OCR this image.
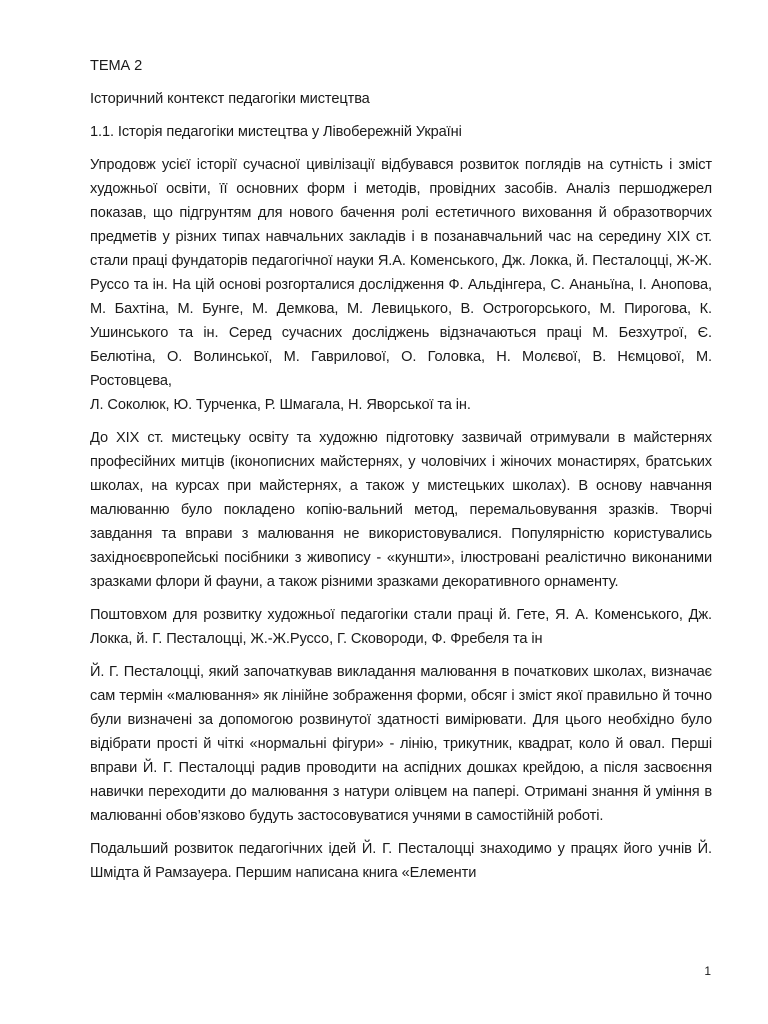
ТЕМА 2
Історичний контекст педагогіки мистецтва
1.1. Історія педагогіки мистецтва у Лівобережній Україні
Упродовж усієї історії сучасної цивілізації відбувався розвиток поглядів на сутність і зміст художньої освіти, її основних форм і методів, провідних засобів. Аналіз першоджерел показав, що підгрунтям для нового бачення ролі естетичного виховання й образотворчих предметів у різних типах навчальних закладів і в позанавчальний час на середину XIX ст. стали праці фундаторів педагогічної науки Я.А. Коменського, Дж. Локка, й. Песталоцці, Ж-Ж. Руссо та ін. На цій основі розгорталися дослідження Ф. Альдінгера, С. Ананьїна, І. Анопова, М. Бахтіна, М. Бунге, М. Демкова, М. Левицького, В. Острогорського, М. Пирогова, К. Ушинського та ін. Серед сучасних досліджень відзначаються праці М. Безхутрої, Є. Белютіна, О. Волинської, М. Гаврилової, О. Головка, Н. Молєвої, В. Нємцової, М. Ростовцева,
Л. Соколюк, Ю. Турченка, Р. Шмагала, Н. Яворської та ін.
До XIX ст. мистецьку освіту та художню підготовку зазвичай отримували в майстернях професійних митців (іконописних майстернях, у чоловічих і жіночих монастирях, братських школах, на курсах при майстернях, а також у мистецьких школах). В основу навчання малюванню було покладено копію-вальний метод, перемальовування зразків. Творчі завдання та вправи з малювання не використовувалися. Популярністю користувались західноєвропейські посібники з живопису - «куншти», ілюстровані реалістично виконаними зразками флори й фауни, а також різними зразками декоративного орнаменту.
Поштовхом для розвитку художньої педагогіки стали праці й. Гете, Я. А. Коменського, Дж. Локка, й. Г. Песталоцці, Ж.-Ж.Руссо, Г. Сковороди, Ф. Фребеля та ін
Й. Г. Песталоцці, який започаткував викладання малювання в початкових школах, визначає сам термін «малювання» як лінійне зображення форми, обсяг і зміст якої правильно й точно були визначені за допомогою розвинутої здатності вимірювати. Для цього необхідно було відібрати прості й чіткі «нормальні фігури» - лінію, трикутник, квадрат, коло й овал. Перші вправи Й. Г. Песталоцці радив проводити на аспідних дошках крейдою, а після засвоєння навички переходити до малювання з натури олівцем на папері. Отримані знання й уміння в малюванні обов’язково будуть застосовуватися учнями в самостійній роботі.
Подальший розвиток педагогічних ідей Й. Г. Песталоцці знаходимо у працях його учнів Й. Шмідта й Рамзауера. Першим написана книга «Елементи
1
